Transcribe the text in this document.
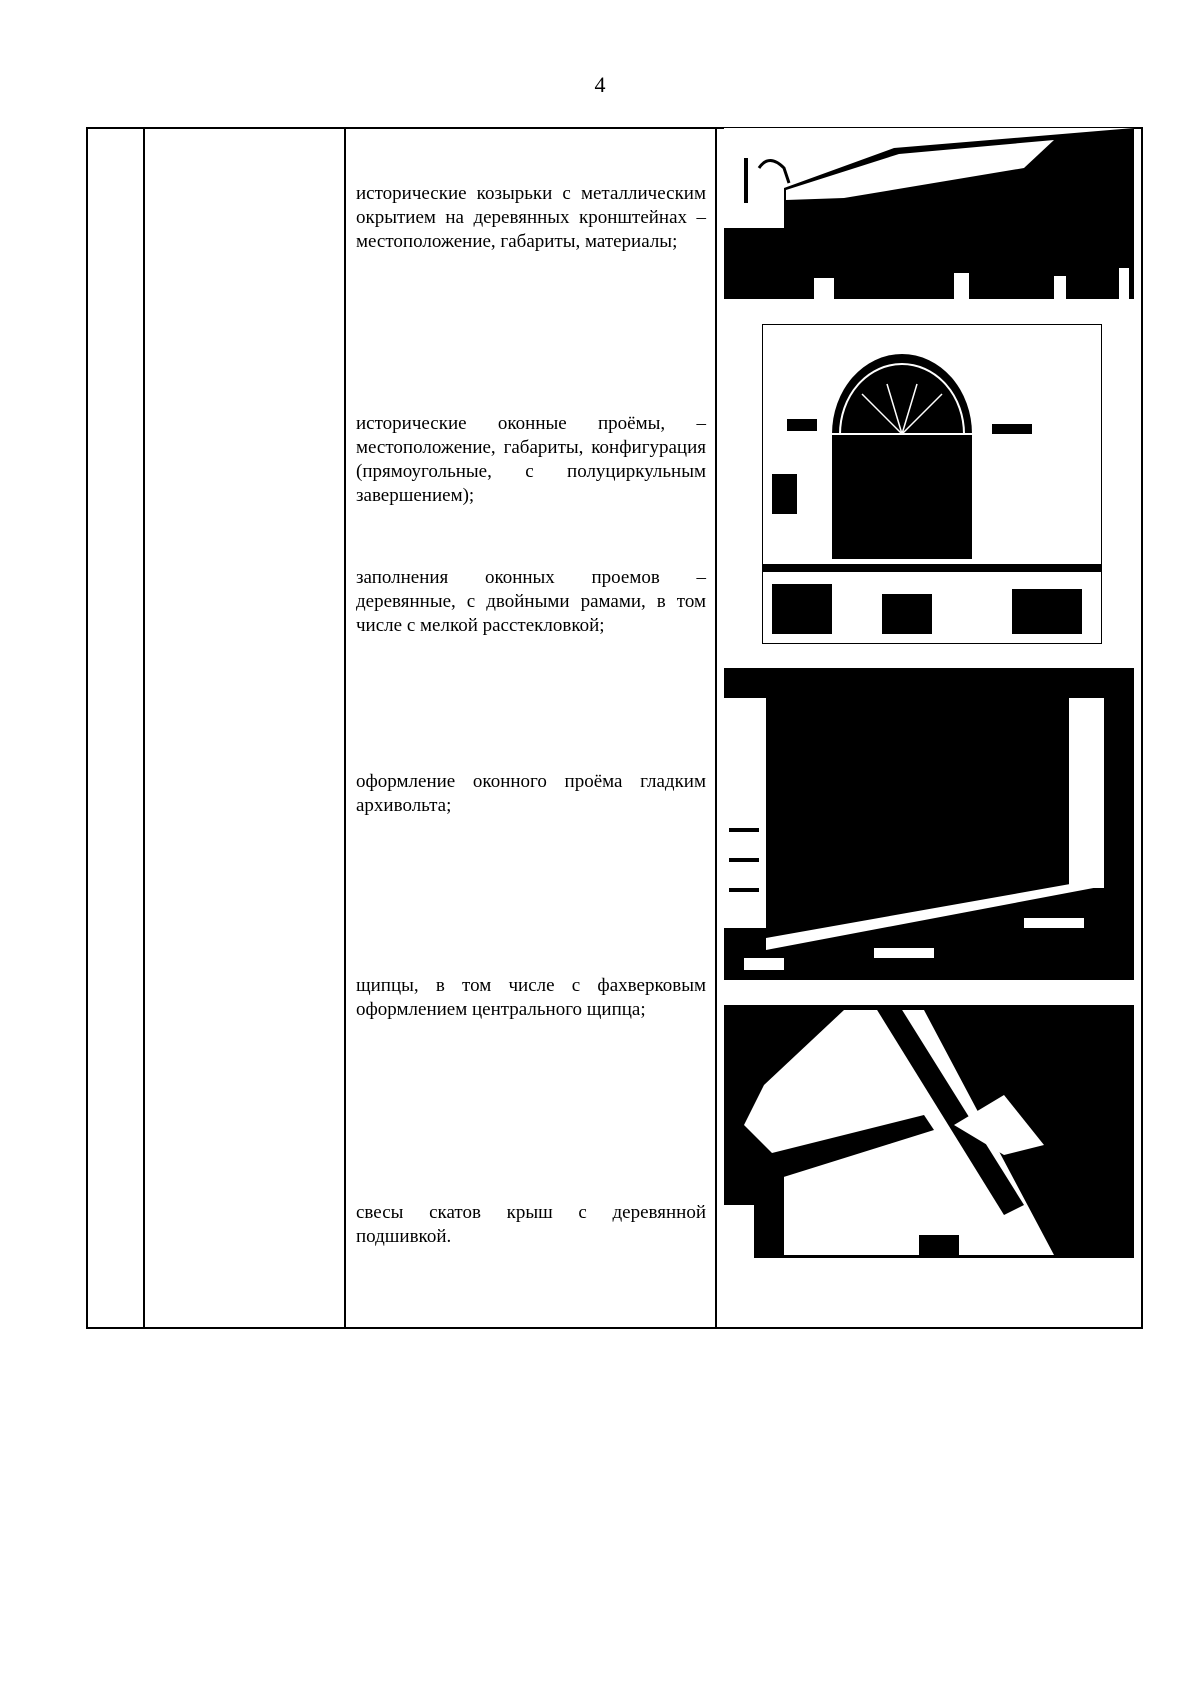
4
исторические козырьки с металлическим окрытием на деревянных кронштейнах – местоположение, габариты, материалы;
исторические оконные проёмы, – местоположение, габариты, конфигурация (прямоугольные, с полуциркульным завершением);
заполнения оконных проемов – деревянные, с двойными рамами, в том числе с мелкой расстекловкой;
оформление оконного проёма гладким архивольта;
щипцы, в том числе с фахверковым оформлением центрального щипца;
свесы скатов крыш с деревянной подшивкой.
